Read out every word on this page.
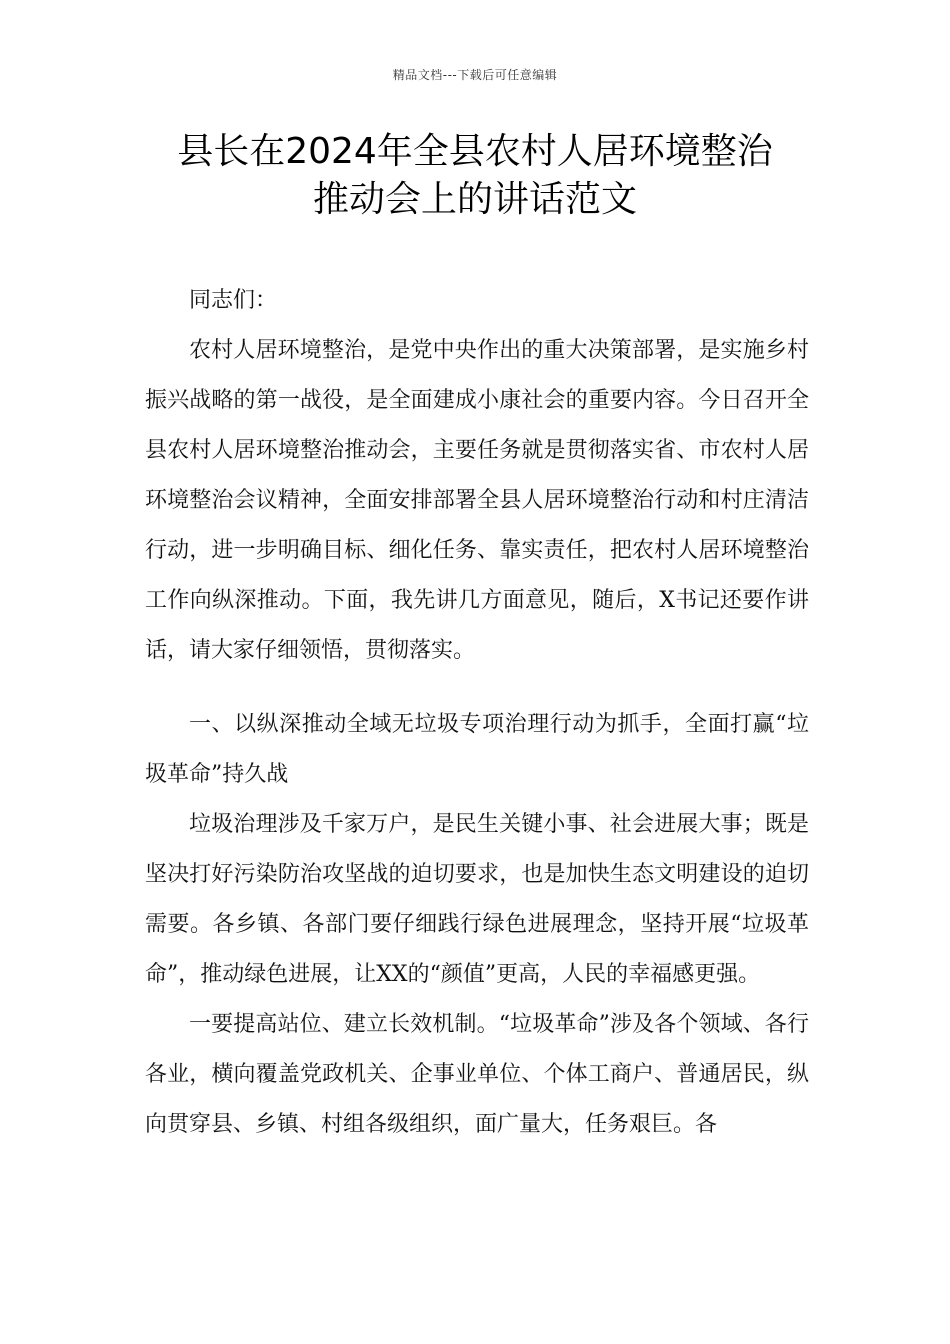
精品文档---下载后可任意编辑
县长在2024年全县农村人居环境整治
推动会上的讲话范文

同志们：

农村人居环境整治，是党中央作出的重大决策部署，是实施乡村振兴战略的第一战役，是全面建成小康社会的重要内容。今日召开全县农村人居环境整治推动会，主要任务就是贯彻落实省、市农村人居环境整治会议精神，全面安排部署全县人居环境整治行动和村庄清洁行动，进一步明确目标、细化任务、靠实责任，把农村人居环境整治工作向纵深推动。下面，我先讲几方面意见，随后，X书记还要作讲话，请大家仔细领悟，贯彻落实。

一、以纵深推动全域无垃圾专项治理行动为抓手，全面打赢“垃圾革命”持久战

垃圾治理涉及千家万户，是民生关键小事、社会进展大事；既是坚决打好污染防治攻坚战的迫切要求，也是加快生态文明建设的迫切需要。各乡镇、各部门要仔细践行绿色进展理念，坚持开展“垃圾革命”，推动绿色进展，让XX的“颜值”更高，人民的幸福感更强。

一要提高站位、建立长效机制。“垃圾革命”涉及各个领域、各行各业，横向覆盖党政机关、企事业单位、个体工商户、普通居民，纵向贯穿县、乡镇、村组各级组织，面广量大，任务艰巨。各
